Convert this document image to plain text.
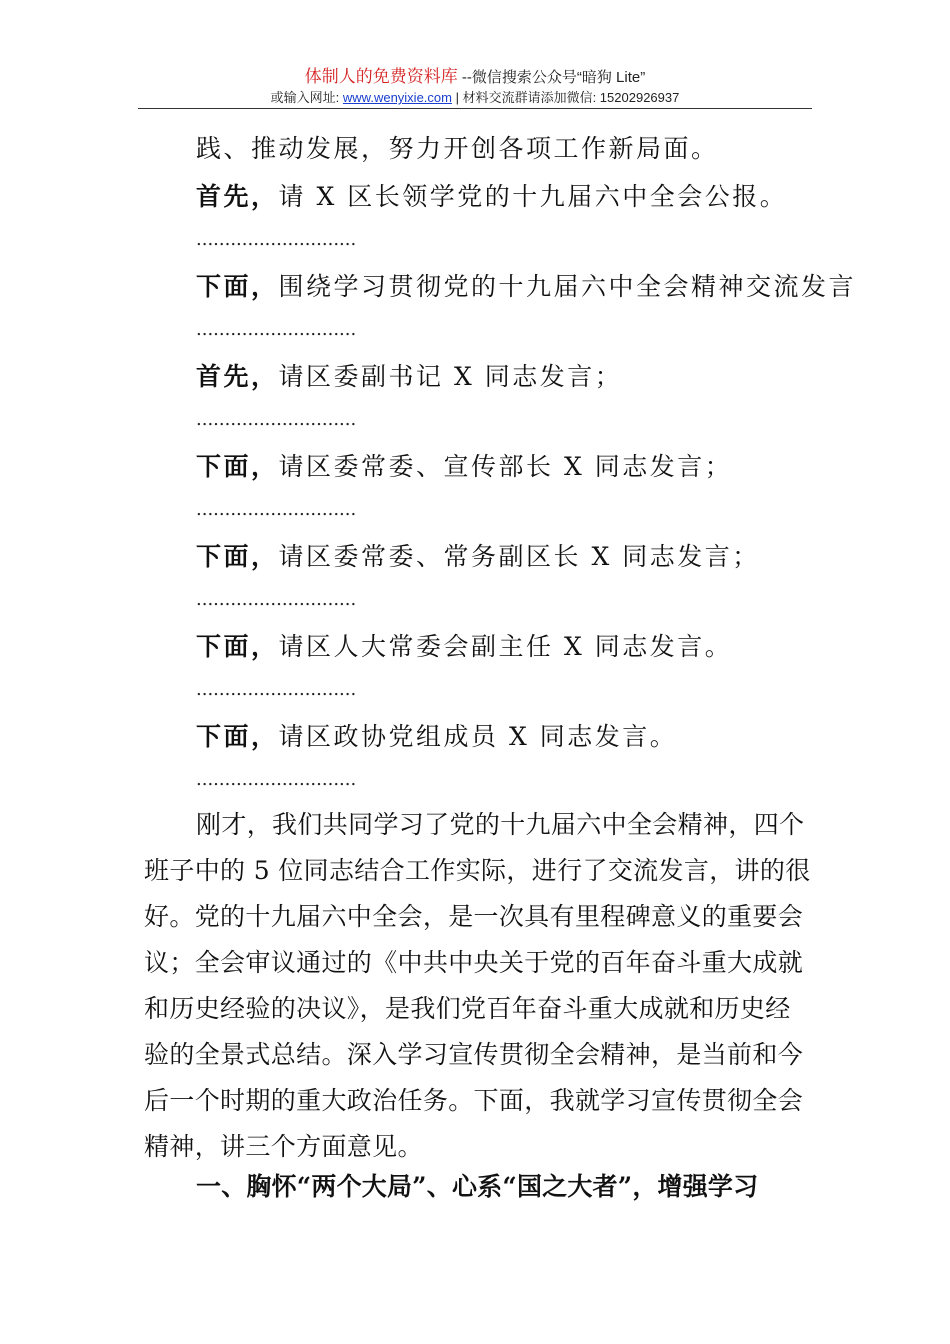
体制人的免费资料库 --微信搜索公众号“暗狗 Lite”
或输入网址: www.wenyixie.com | 材料交流群请添加微信: 15202926937
践、推动发展，努力开创各项工作新局面。
首先，请 X 区长领学党的十九届六中全会公报。
............................
下面，围绕学习贯彻党的十九届六中全会精神交流发言
............................
首先，请区委副书记 X 同志发言；
............................
下面，请区委常委、宣传部长 X 同志发言；
............................
下面，请区委常委、常务副区长 X 同志发言；
............................
下面，请区人大常委会副主任 X 同志发言。
............................
下面，请区政协党组成员 X 同志发言。
............................
刚才，我们共同学习了党的十九届六中全会精神，四个
班子中的 5 位同志结合工作实际，进行了交流发言，讲的很
好。党的十九届六中全会，是一次具有里程碑意义的重要会
议；全会审议通过的《中共中央关于党的百年奋斗重大成就
和历史经验的决议》，是我们党百年奋斗重大成就和历史经
验的全景式总结。深入学习宣传贯彻全会精神，是当前和今
后一个时期的重大政治任务。下面，我就学习宣传贯彻全会
精神，讲三个方面意见。
一、胸怀“两个大局”、心系“国之大者”，增强学习
